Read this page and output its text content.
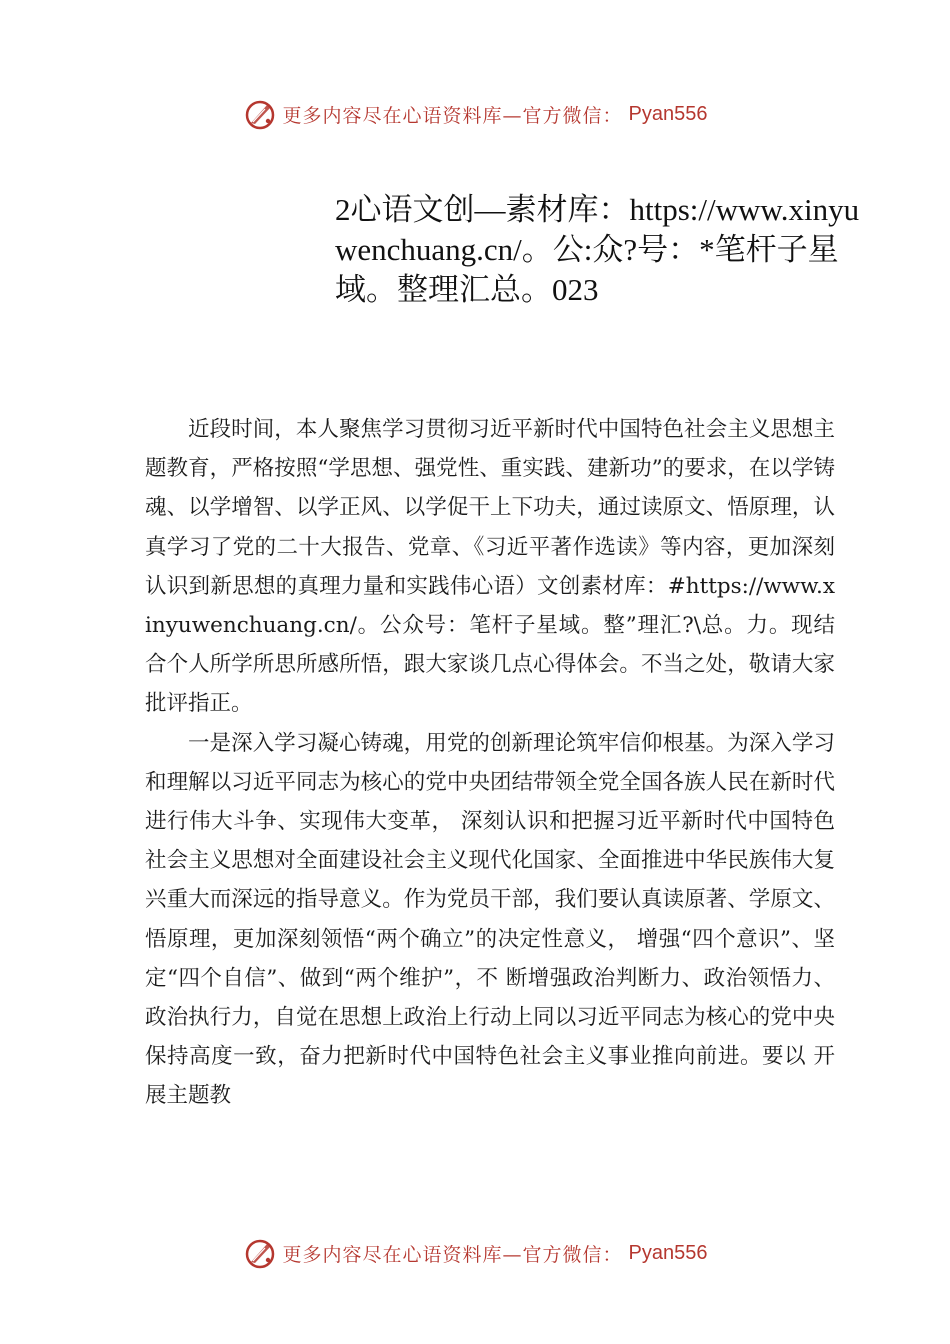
更多内容尽在心语资料库—官方微信： Pyan556
2心语文创—素材库：https://www.xinyuwenchuang.cn/。公:众?号：*笔杆子星域。整理汇总。023

近段时间，本人聚焦学习贯彻习近平新时代中国特色社会主义思想主题教育，严格按照“学思想、强党性、重实践、建新功”的要求，在以学铸魂、以学增智、以学正风、以学促干上下功夫，通过读原文、悟原理，认真学习了党的二十大报告、党章、《习近平著作选读》等内容，更加深刻认识到新思想的真理力量和实践伟心语）文创素材库：#https://www.xinyuwenchuang.cn/。公众号：笔杆子星域。整”理汇?\总。力。现结合个人所学所思所感所悟，跟大家谈几点心得体会。不当之处，敬请大家批评指正。

一是深入学习凝心铸魂，用党的创新理论筑牢信仰根基。为深入学习和理解以习近平同志为核心的党中央团结带领全党全国各族人民在新时代进行伟大斗争、实现伟大变革， 深刻认识和把握习近平新时代中国特色社会主义思想对全面建设社会主义现代化国家、全面推进中华民族伟大复兴重大而深远的指导意义。作为党员干部，我们要认真读原著、学原文、悟原理，更加深刻领悟“两个确立”的决定性意义， 增强“四个意识”、坚定“四个自信”、做到“两个维护”，不 断增强政治判断力、政治领悟力、政治执行力，自觉在思想上政治上行动上同以习近平同志为核心的党中央保持高度一致，奋力把新时代中国特色社会主义事业推向前进。要以 开展主题教

更多内容尽在心语资料库—官方微信： Pyan556
